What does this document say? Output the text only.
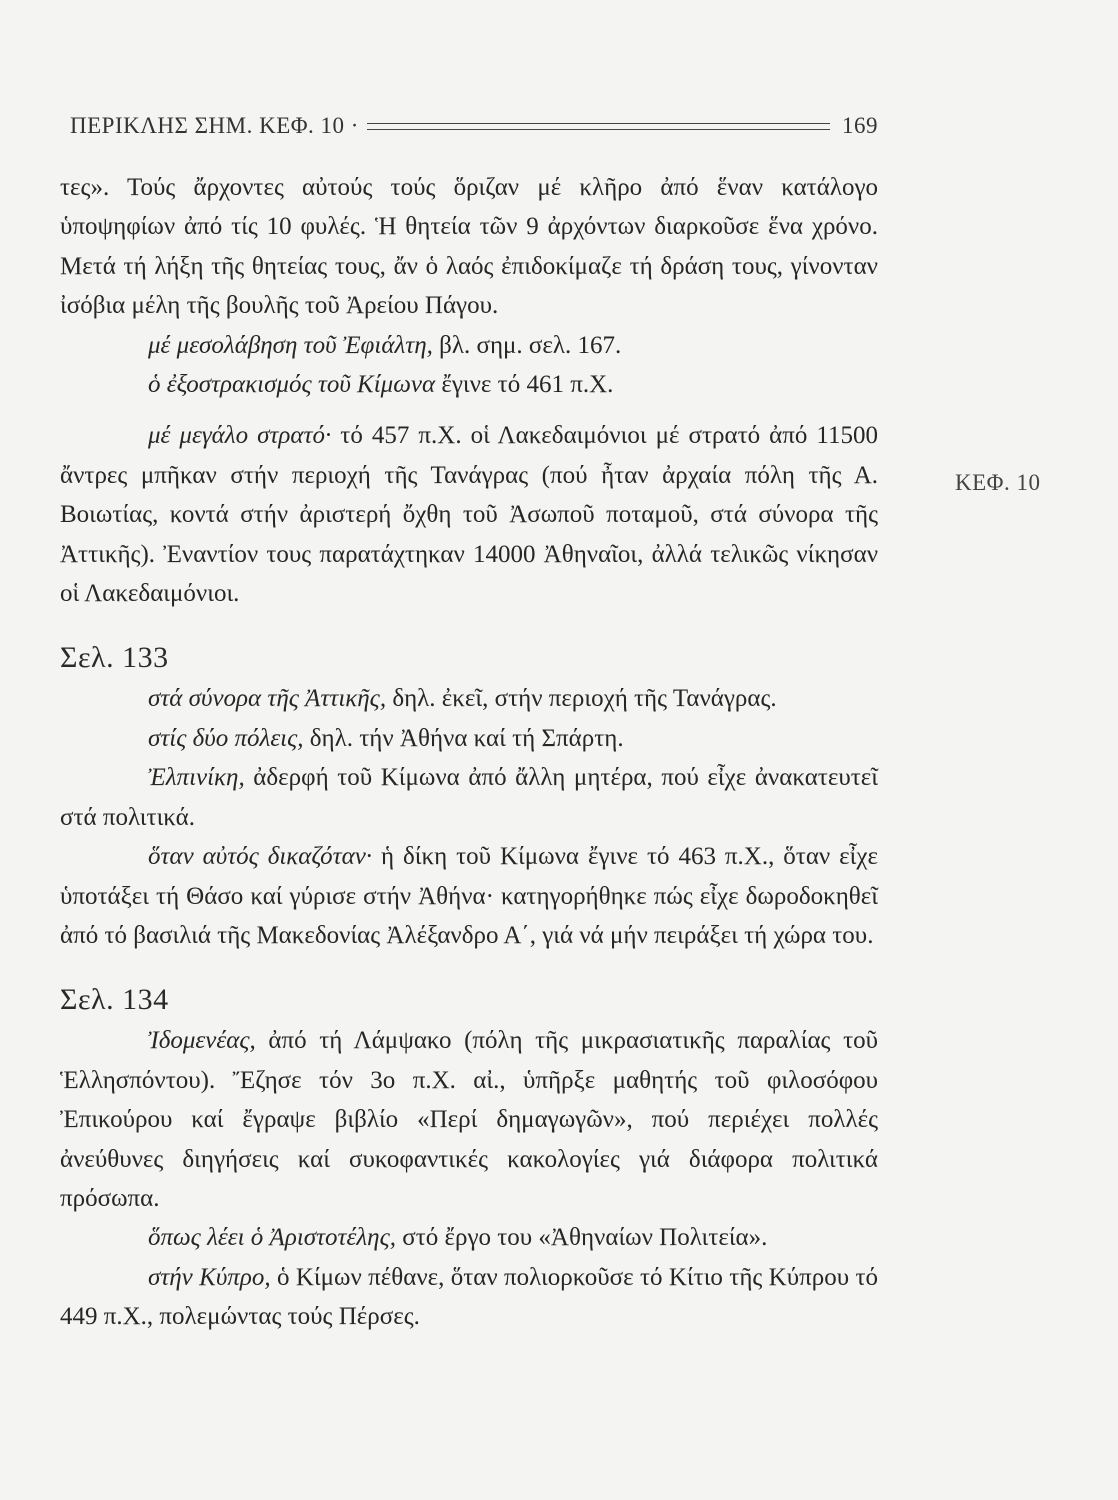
ΠΕΡΙΚΛΗΣ ΣΗΜ. ΚΕΦ. 10 ·	169
ΚΕΦ. 10

τες». Τούς ἄρχοντες αὐτούς τούς ὅριζαν μέ κλῆρο ἀπό ἕναν κατάλογο ὑποψηφίων ἀπό τίς 10 φυλές. Ἡ θητεία τῶν 9 ἀρχόντων διαρκοῦσε ἕνα χρόνο. Μετά τή λήξη τῆς θητείας τους, ἄν ὁ λαός ἐπιδοκίμαζε τή δράση τους, γίνονταν ἰσόβια μέλη τῆς βουλῆς τοῦ Ἀρείου Πάγου.

μέ μεσολάβηση τοῦ Ἐφιάλτη, βλ. σημ. σελ. 167.

ὁ ἐξοστρακισμός τοῦ Κίμωνα ἔγινε τό 461 π.Χ.

μέ μεγάλο στρατό· τό 457 π.Χ. οἱ Λακεδαιμόνιοι μέ στρατό ἀπό 11500 ἄντρες μπῆκαν στήν περιοχή τῆς Τανάγρας (πού ἦταν ἀρχαία πόλη τῆς Α. Βοιωτίας, κοντά στήν ἀριστερή ὄχθη τοῦ Ἀσωποῦ ποταμοῦ, στά σύνορα τῆς Ἀττικῆς). Ἐναντίον τους παρατάχτηκαν 14000 Ἀθηναῖοι, ἀλλά τελικῶς νίκησαν οἱ Λακεδαιμόνιοι.

Σελ. 133

στά σύνορα τῆς Ἀττικῆς, δηλ. ἐκεῖ, στήν περιοχή τῆς Τανάγρας.

στίς δύο πόλεις, δηλ. τήν Ἀθήνα καί τή Σπάρτη.

Ἐλπινίκη, ἀδερφή τοῦ Κίμωνα ἀπό ἄλλη μητέρα, πού εἶχε ἀνακατευτεῖ στά πολιτικά.

ὅταν αὐτός δικαζόταν· ἡ δίκη τοῦ Κίμωνα ἔγινε τό 463 π.Χ., ὅταν εἶχε ὑποτάξει τή Θάσο καί γύρισε στήν Ἀθήνα· κατηγορήθηκε πώς εἶχε δωροδοκηθεῖ ἀπό τό βασιλιά τῆς Μακεδονίας Ἀλέξανδρο Α΄, γιά νά μήν πειράξει τή χώρα του.

Σελ. 134

Ἰδομενέας, ἀπό τή Λάμψακο (πόλη τῆς μικρασιατικῆς παραλίας τοῦ Ἑλλησπόντου). Ἔζησε τόν 3ο π.Χ. αἰ., ὑπῆρξε μαθητής τοῦ φιλοσόφου Ἐπικούρου καί ἔγραψε βιβλίο «Περί δημαγωγῶν», πού περιέχει πολλές ἀνεύθυνες διηγήσεις καί συκοφαντικές κακολογίες γιά διάφορα πολιτικά πρόσωπα.

ὅπως λέει ὁ Ἀριστοτέλης, στό ἔργο του «Ἀθηναίων Πολιτεία».

στήν Κύπρο, ὁ Κίμων πέθανε, ὅταν πολιορκοῦσε τό Κίτιο τῆς Κύπρου τό 449 π.Χ., πολεμώντας τούς Πέρσες.
